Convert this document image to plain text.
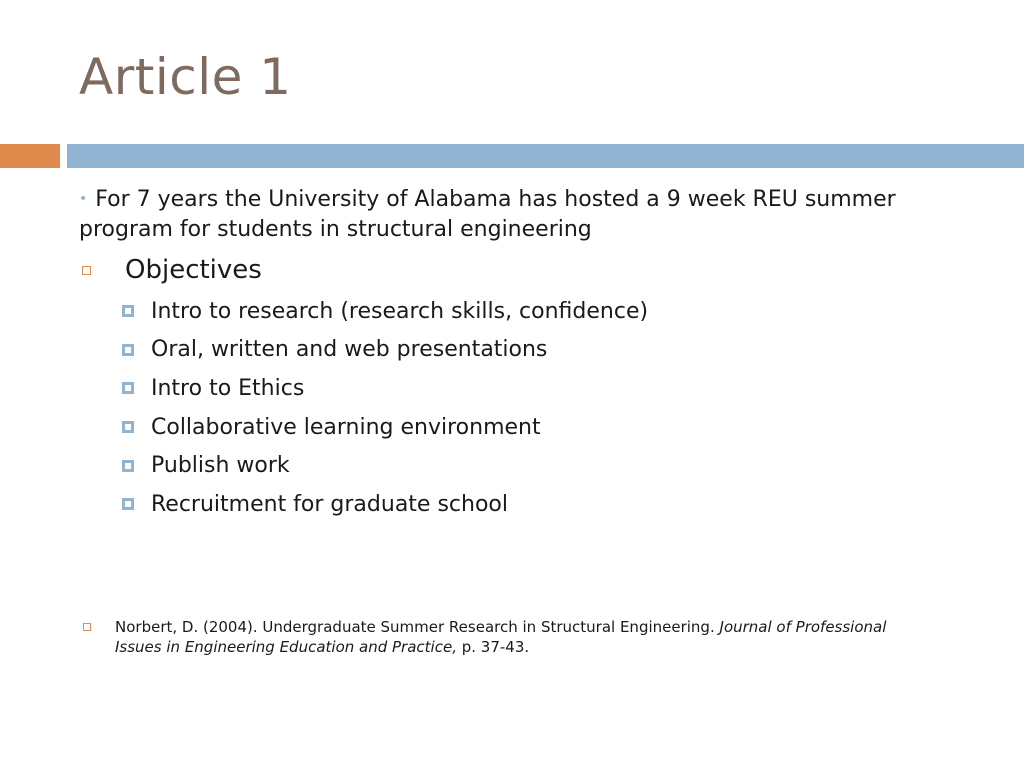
Article 1
• For 7 years the University of Alabama has hosted a 9 week REU summer program for students in structural engineering
Objectives
Intro to research (research skills, confidence)
Oral, written and web presentations
Intro to Ethics
Collaborative learning environment
Publish work
Recruitment for graduate school
Norbert, D. (2004). Undergraduate Summer Research in Structural Engineering. Journal of Professional Issues in Engineering Education and Practice, p. 37-43.
